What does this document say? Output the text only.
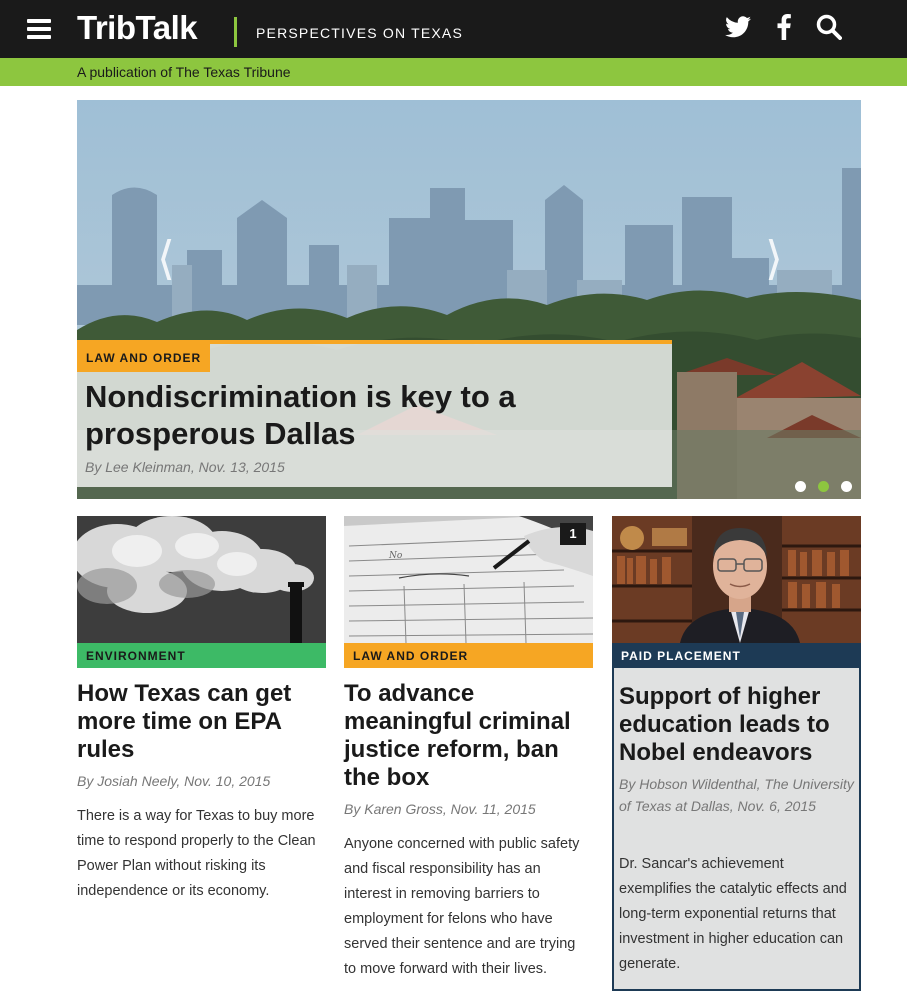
TribTalk	PERSPECTIVES ON TEXAS
A publication of The Texas Tribune
⟨	⟩
LAW AND ORDER
Nondiscrimination is key to a prosperous Dallas
By Lee Kleinman, Nov. 13, 2015
ENVIRONMENT
How Texas can get more time on EPA rules
By Josiah Neely, Nov. 10, 2015
There is a way for Texas to buy more time to respond properly to the Clean Power Plan without risking its independence or its economy.
No
1
LAW AND ORDER
To advance meaningful criminal justice reform, ban the box
By Karen Gross, Nov. 11, 2015
Anyone concerned with public safety and fiscal responsibility has an interest in removing barriers to employment for felons who have served their sentence and are trying to move forward with their lives.
PAID PLACEMENT
Support of higher education leads to Nobel endeavors
By Hobson Wildenthal, The University of Texas at Dallas, Nov. 6, 2015
Dr. Sancar's achievement exemplifies the catalytic effects and long-term exponential returns that investment in higher education can generate.
